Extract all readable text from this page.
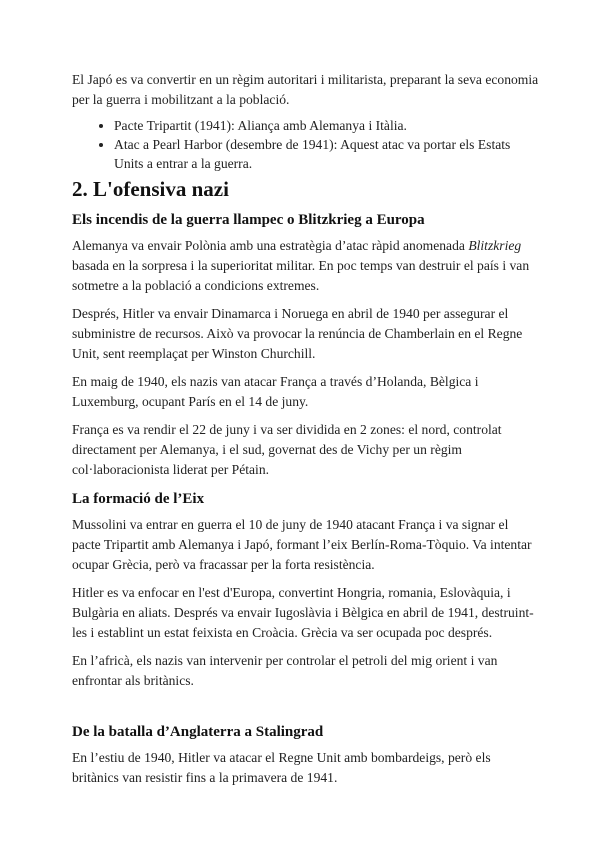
El Japó es va convertir en un règim autoritari i militarista, preparant la seva economia per la guerra i mobilitzant a la població.

• Pacte Tripartit (1941): Aliança amb Alemanya i Itàlia.
• Atac a Pearl Harbor (desembre de 1941): Aquest atac va portar els Estats Units a entrar a la guerra.
2. L'ofensiva nazi
Els incendis de la guerra llampec o Blitzkrieg a Europa

Alemanya va envair Polònia amb una estratègia d’atac ràpid anomenada Blitzkrieg basada en la sorpresa i la superioritat militar. En poc temps van destruir el país i van sotmetre a la població a condicions extremes.

Després, Hitler va envair Dinamarca i Noruega en abril de 1940 per assegurar el subministre de recursos. Això va provocar la renúncia de Chamberlain en el Regne Unit, sent reemplaçat per Winston Churchill.

En maig de 1940, els nazis van atacar França a través d’Holanda, Bèlgica i Luxemburg, ocupant París en el 14 de juny.

França es va rendir el 22 de juny i va ser dividida en 2 zones: el nord, controlat directament per Alemanya, i el sud, governat des de Vichy per un règim col·laboracionista liderat per Pétain.

La formació de l’Eix

Mussolini va entrar en guerra el 10 de juny de 1940 atacant França i va signar el pacte Tripartit amb Alemanya i Japó, formant l’eix Berlín-Roma-Tòquio. Va intentar ocupar Grècia, però va fracassar per la forta resistència.

Hitler es va enfocar en l'est d'Europa, convertint Hongria, romania, Eslovàquia, i Bulgària en aliats. Després va envair Iugoslàvia i Bèlgica en abril de 1941, destruint-les i establint un estat feixista en Croàcia. Grècia va ser ocupada poc després.

En l’africà, els nazis van intervenir per controlar el petroli del mig orient i van enfrontar als britànics.

De la batalla d’Anglaterra a Stalingrad

En l’estiu de 1940, Hitler va atacar el Regne Unit amb bombardeigs, però els britànics van resistir fins a la primavera de 1941.
